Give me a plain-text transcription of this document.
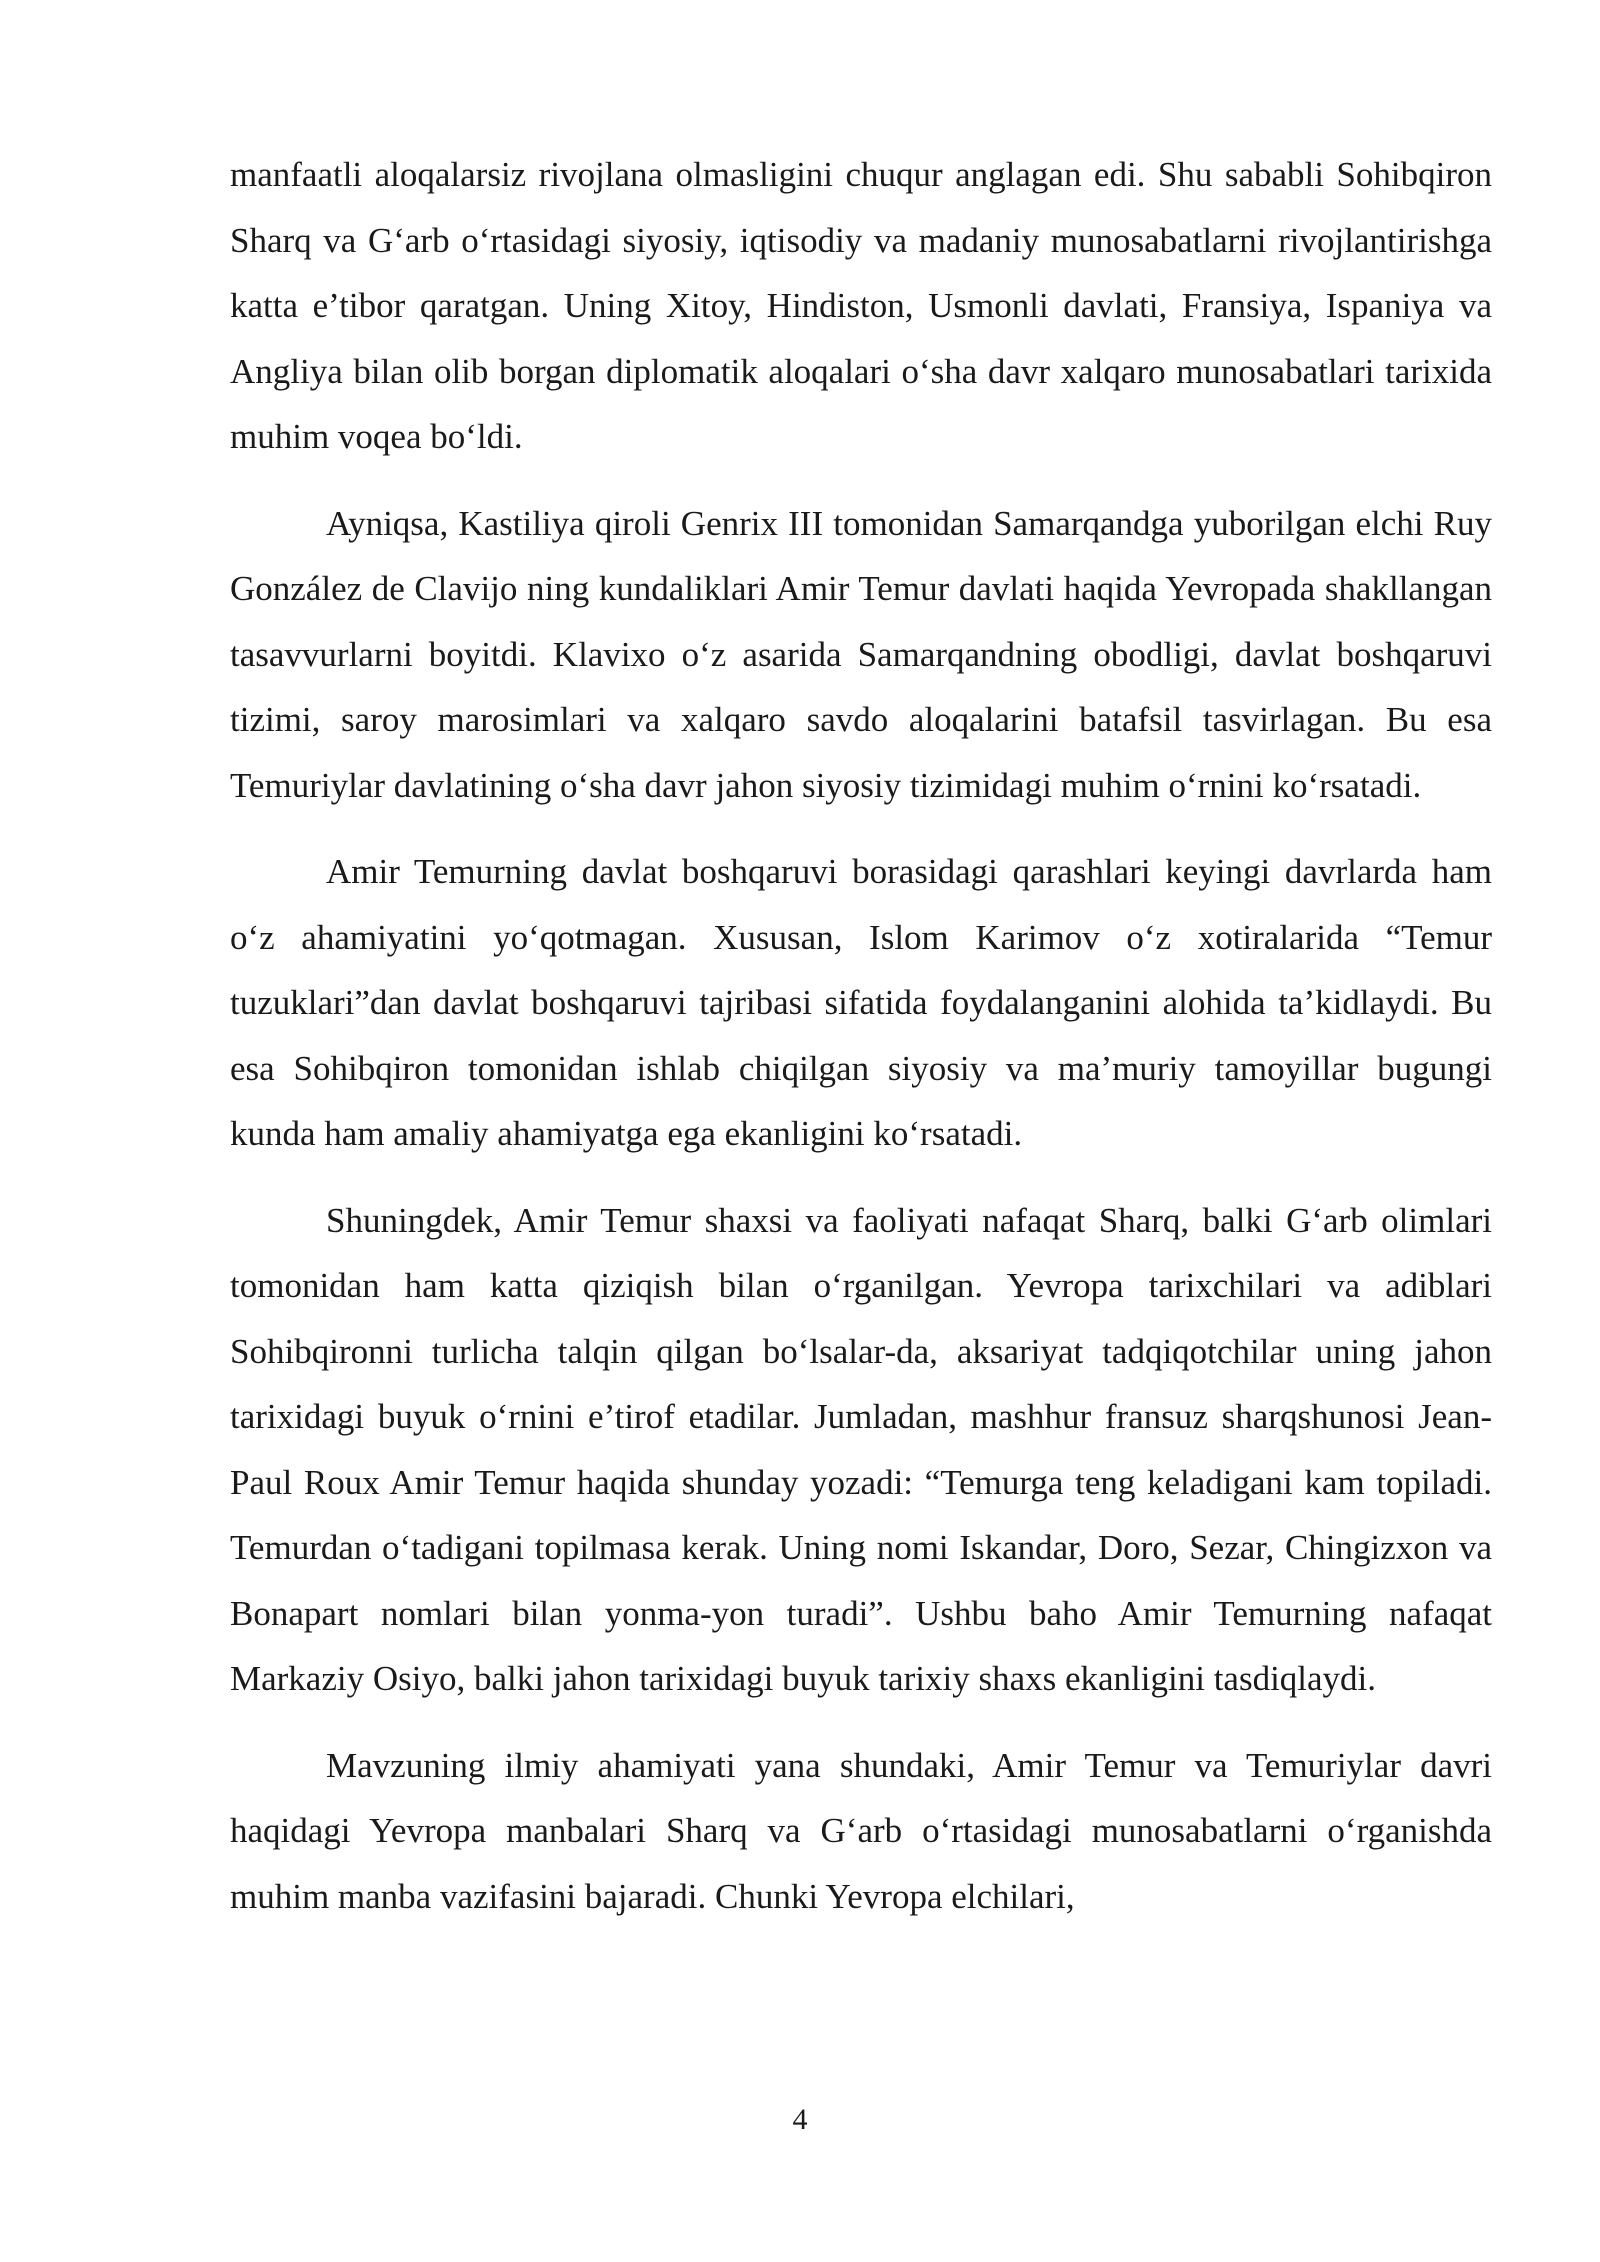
manfaatli aloqalarsiz rivojlana olmasligini chuqur anglagan edi. Shu sababli Sohibqiron Sharq va G‘arb o‘rtasidagi siyosiy, iqtisodiy va madaniy munosabatlarni rivojlantirishga katta e’tibor qaratgan. Uning Xitoy, Hindiston, Usmonli davlati, Fransiya, Ispaniya va Angliya bilan olib borgan diplomatik aloqalari o‘sha davr xalqaro munosabatlari tarixida muhim voqea bo‘ldi.

Ayniqsa, Kastiliya qiroli Genrix III tomonidan Samarqandga yuborilgan elchi Ruy González de Clavijo ning kundaliklari Amir Temur davlati haqida Yevropada shakllangan tasavvurlarni boyitdi. Klavixo o‘z asarida Samarqandning obodligi, davlat boshqaruvi tizimi, saroy marosimlari va xalqaro savdo aloqalarini batafsil tasvirlagan. Bu esa Temuriylar davlatining o‘sha davr jahon siyosiy tizimidagi muhim o‘rnini ko‘rsatadi.

Amir Temurning davlat boshqaruvi borasidagi qarashlari keyingi davrlarda ham o‘z ahamiyatini yo‘qotmagan. Xususan, Islom Karimov o‘z xotiralarida “Temur tuzuklari”dan davlat boshqaruvi tajribasi sifatida foydalanganini alohida ta’kidlaydi. Bu esa Sohibqiron tomonidan ishlab chiqilgan siyosiy va ma’muriy tamoyillar bugungi kunda ham amaliy ahamiyatga ega ekanligini ko‘rsatadi.

Shuningdek, Amir Temur shaxsi va faoliyati nafaqat Sharq, balki G‘arb olimlari tomonidan ham katta qiziqish bilan o‘rganilgan. Yevropa tarixchilari va adiblari Sohibqironni turlicha talqin qilgan bo‘lsalar-da, aksariyat tadqiqotchilar uning jahon tarixidagi buyuk o‘rnini e’tirof etadilar. Jumladan, mashhur fransuz sharqshunosi Jean-Paul Roux Amir Temur haqida shunday yozadi: “Temurga teng keladigani kam topiladi. Temurdan o‘tadigani topilmasa kerak. Uning nomi Iskandar, Doro, Sezar, Chingizxon va Bonapart nomlari bilan yonma-yon turadi”. Ushbu baho Amir Temurning nafaqat Markaziy Osiyo, balki jahon tarixidagi buyuk tarixiy shaxs ekanligini tasdiqlaydi.

Mavzuning ilmiy ahamiyati yana shundaki, Amir Temur va Temuriylar davri haqidagi Yevropa manbalari Sharq va G‘arb o‘rtasidagi munosabatlarni o‘rganishda muhim manba vazifasini bajaradi. Chunki Yevropa elchilari,

4
